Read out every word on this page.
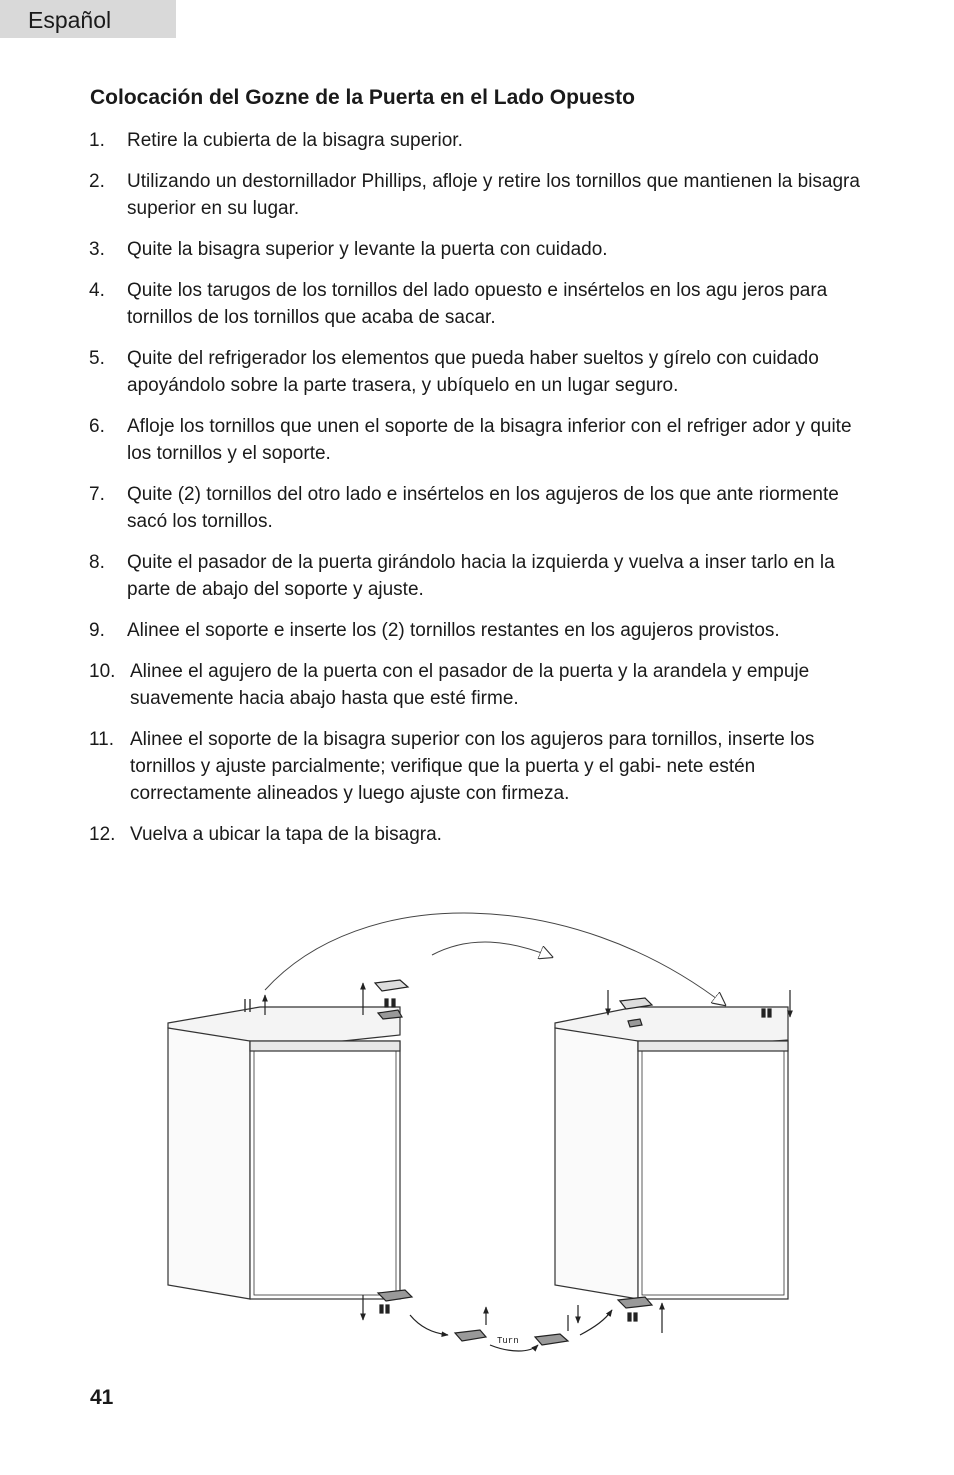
Español
Colocación del Gozne de la Puerta en el Lado Opuesto
1.	Retire la cubierta de la bisagra superior.
2.	Utilizando un destornillador Phillips, afloje y retire los tornillos que mantienen la bisagra superior en su lugar.
3.	Quite la bisagra superior y levante la puerta con cuidado.
4.	Quite los tarugos de los tornillos del lado opuesto e insértelos en los agu jeros para tornillos de los tornillos que acaba de sacar.
5.	Quite del refrigerador los elementos que pueda haber sueltos y gírelo con cuidado apoyándolo sobre la parte trasera, y ubíquelo en un lugar seguro.
6.	Afloje los tornillos que unen el soporte de la bisagra inferior con el refriger ador y quite los tornillos y el soporte.
7.	Quite (2) tornillos del otro lado e insértelos en los agujeros de los que ante riormente sacó los tornillos.
8.	Quite el pasador de la puerta girándolo hacia la izquierda y vuelva a inser tarlo en la parte de abajo del soporte y ajuste.
9.	Alinee el soporte e inserte los (2) tornillos restantes en los agujeros provistos.
10. Alinee el agujero de la puerta con el pasador de la puerta y la arandela y empuje suavemente hacia abajo hasta que esté firme.
11. Alinee el soporte de la bisagra superior con los agujeros para tornillos, inserte los tornillos y ajuste parcialmente; verifique que la puerta y el gabi- nete estén correctamente alineados y luego ajuste con firmeza.
12. Vuelva a ubicar la tapa de la bisagra.
Turn
41
